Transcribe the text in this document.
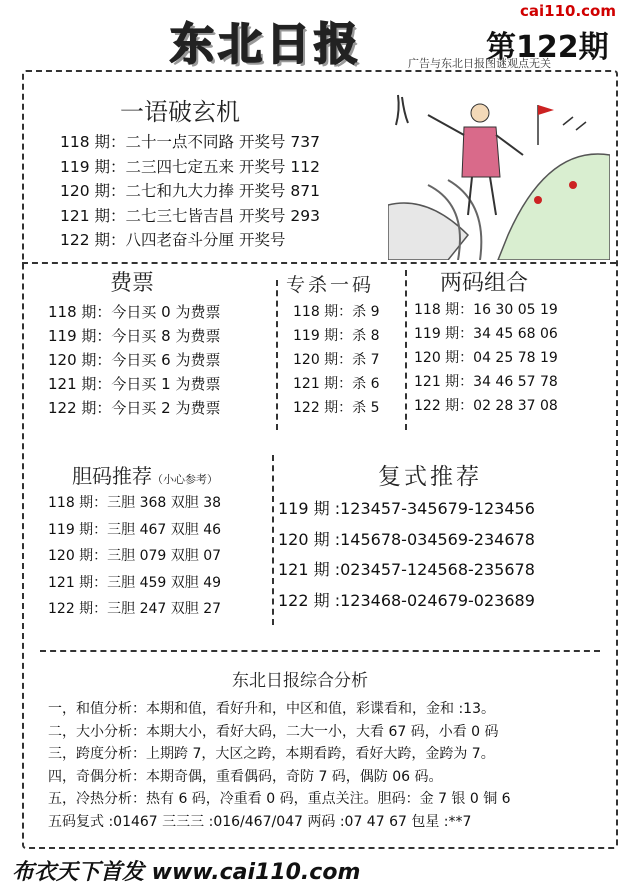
东北日报
cai110.com
第122期
广告与东北日报图谜观点无关
一语破玄机
118 期：二十一点不同路 开奖号 737
119 期：二三四七定五来 开奖号 112
120 期：二七和九大力捧 开奖号 871
121 期：二七三七皆吉昌 开奖号 293
122 期：八四老奋斗分厘 开奖号
费票
118 期：今日买 0 为费票
119 期：今日买 8 为费票
120 期：今日买 6 为费票
121 期：今日买 1 为费票
122 期：今日买 2 为费票
专杀一码
118 期：杀 9
119 期：杀 8
120 期：杀 7
121 期：杀 6
122 期：杀 5
两码组合
118 期：16 30 05 19
119 期：34 45 68 06
120 期：04 25 78 19
121 期：34 46 57 78
122 期：02 28 37 08
胆码推荐（小心参考）
118 期：三胆 368 双胆 38
119 期：三胆 467 双胆 46
120 期：三胆 079 双胆 07
121 期：三胆 459 双胆 49
122 期：三胆 247 双胆 27
复式推荐
119 期 :123457-345679-123456
120 期 :145678-034569-234678
121 期 :023457-124568-235678
122 期 :123468-024679-023689
东北日报综合分析
一，和值分析：本期和值，看好升和，中区和值，彩谍看和，金和 :13。
二，大小分析：本期大小，看好大码，二大一小，大看 67 码，小看 0 码
三，跨度分析：上期跨 7，大区之跨，本期看跨，看好大跨，金跨为 7。
四，奇偶分析：本期奇偶，重看偶码，奇防 7 码，偶防 06 码。
五，冷热分析：热有 6 码，冷重看 0 码，重点关注。胆码：金 7 银 0 铜 6
五码复式 :01467 三三三 :016/467/047 两码 :07 47 67 包星 :**7
布衣天下首发 www.cai110.com
